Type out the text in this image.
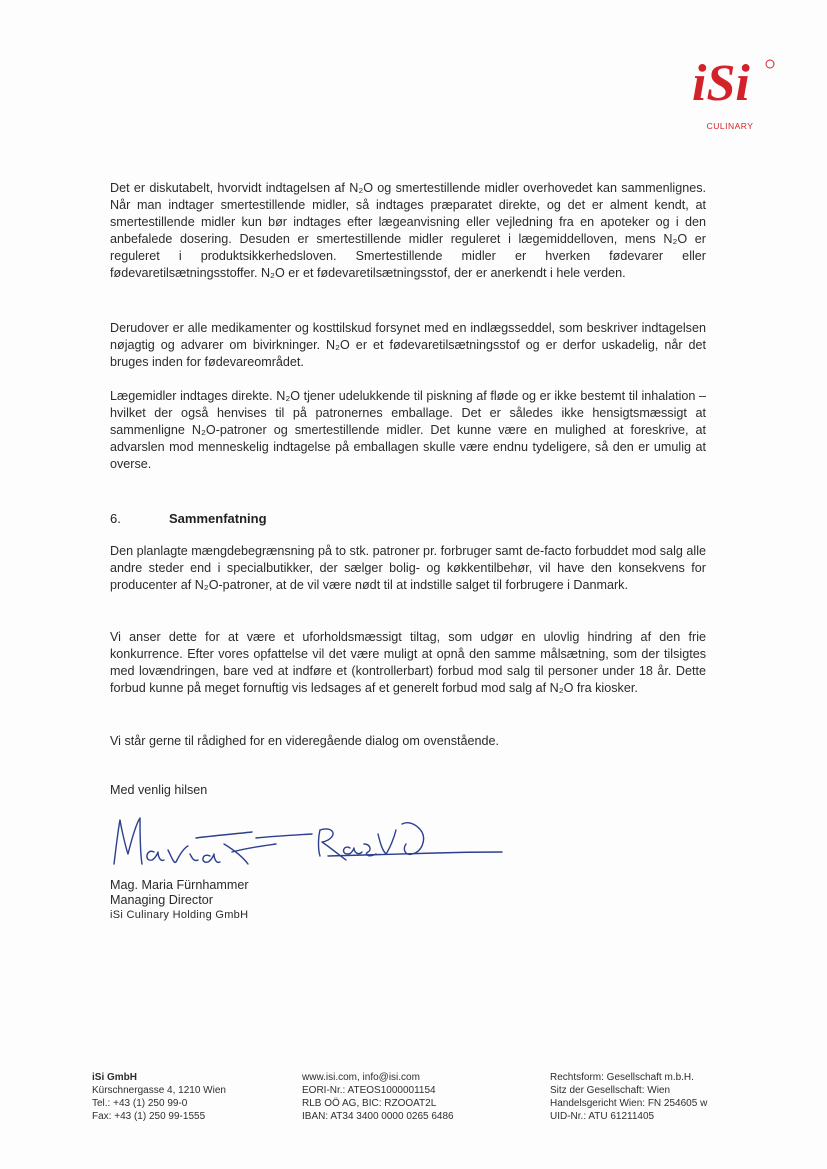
iSi
CULINARY
Det er diskutabelt, hvorvidt indtagelsen af N₂O og smertestillende midler overhovedet kan sammenlignes. Når man indtager smertestillende midler, så indtages præparatet direkte, og det er alment kendt, at smertestillende midler kun bør indtages efter lægeanvisning eller vejledning fra en apoteker og i den anbefalede dosering. Desuden er smertestillende midler reguleret i lægemiddelloven, mens N₂O er reguleret i produktsikkerhedsloven. Smertestillende midler er hverken fødevarer eller fødevaretilsætningsstoffer. N₂O er et fødevaretilsætningsstof, der er anerkendt i hele verden.
Derudover er alle medikamenter og kosttilskud forsynet med en indlægsseddel, som beskriver indtagelsen nøjagtig og advarer om bivirkninger. N₂O er et fødevaretilsætningsstof og er derfor uskadelig, når det bruges inden for fødevareområdet.
Lægemidler indtages direkte. N₂O tjener udelukkende til piskning af fløde og er ikke bestemt til inhalation – hvilket der også henvises til på patronernes emballage. Det er således ikke hensigtsmæssigt at sammenligne N₂O-patroner og smertestillende midler. Det kunne være en mulighed at foreskrive, at advarslen mod menneskelig indtagelse på emballagen skulle være endnu tydeligere, så den er umulig at overse.
6.	Sammenfatning
Den planlagte mængdebegrænsning på to stk. patroner pr. forbruger samt de-facto forbuddet mod salg alle andre steder end i specialbutikker, der sælger bolig- og køkkentilbehør, vil have den konsekvens for producenter af N₂O-patroner, at de vil være nødt til at indstille salget til forbrugere i Danmark.
Vi anser dette for at være et uforholdsmæssigt tiltag, som udgør en ulovlig hindring af den frie konkurrence. Efter vores opfattelse vil det være muligt at opnå den samme målsætning, som der tilsigtes med lovændringen, bare ved at indføre et (kontrollerbart) forbud mod salg til personer under 18 år. Dette forbud kunne på meget fornuftig vis ledsages af et generelt forbud mod salg af N₂O fra kiosker.
Vi står gerne til rådighed for en videregående dialog om ovenstående.
Med venlig hilsen
Mag. Maria Fürnhammer
Managing Director
iSi Culinary Holding GmbH
iSi GmbH
Kürschnergasse 4, 1210 Wien
Tel.: +43 (1) 250 99-0
Fax: +43 (1) 250 99-1555
www.isi.com, info@isi.com
EORI-Nr.: ATEOS1000001154
RLB OÖ AG, BIC: RZOOAT2L
IBAN: AT34 3400 0000 0265 6486
Rechtsform: Gesellschaft m.b.H.
Sitz der Gesellschaft: Wien
Handelsgericht Wien: FN 254605 w
UID-Nr.: ATU 61211405
